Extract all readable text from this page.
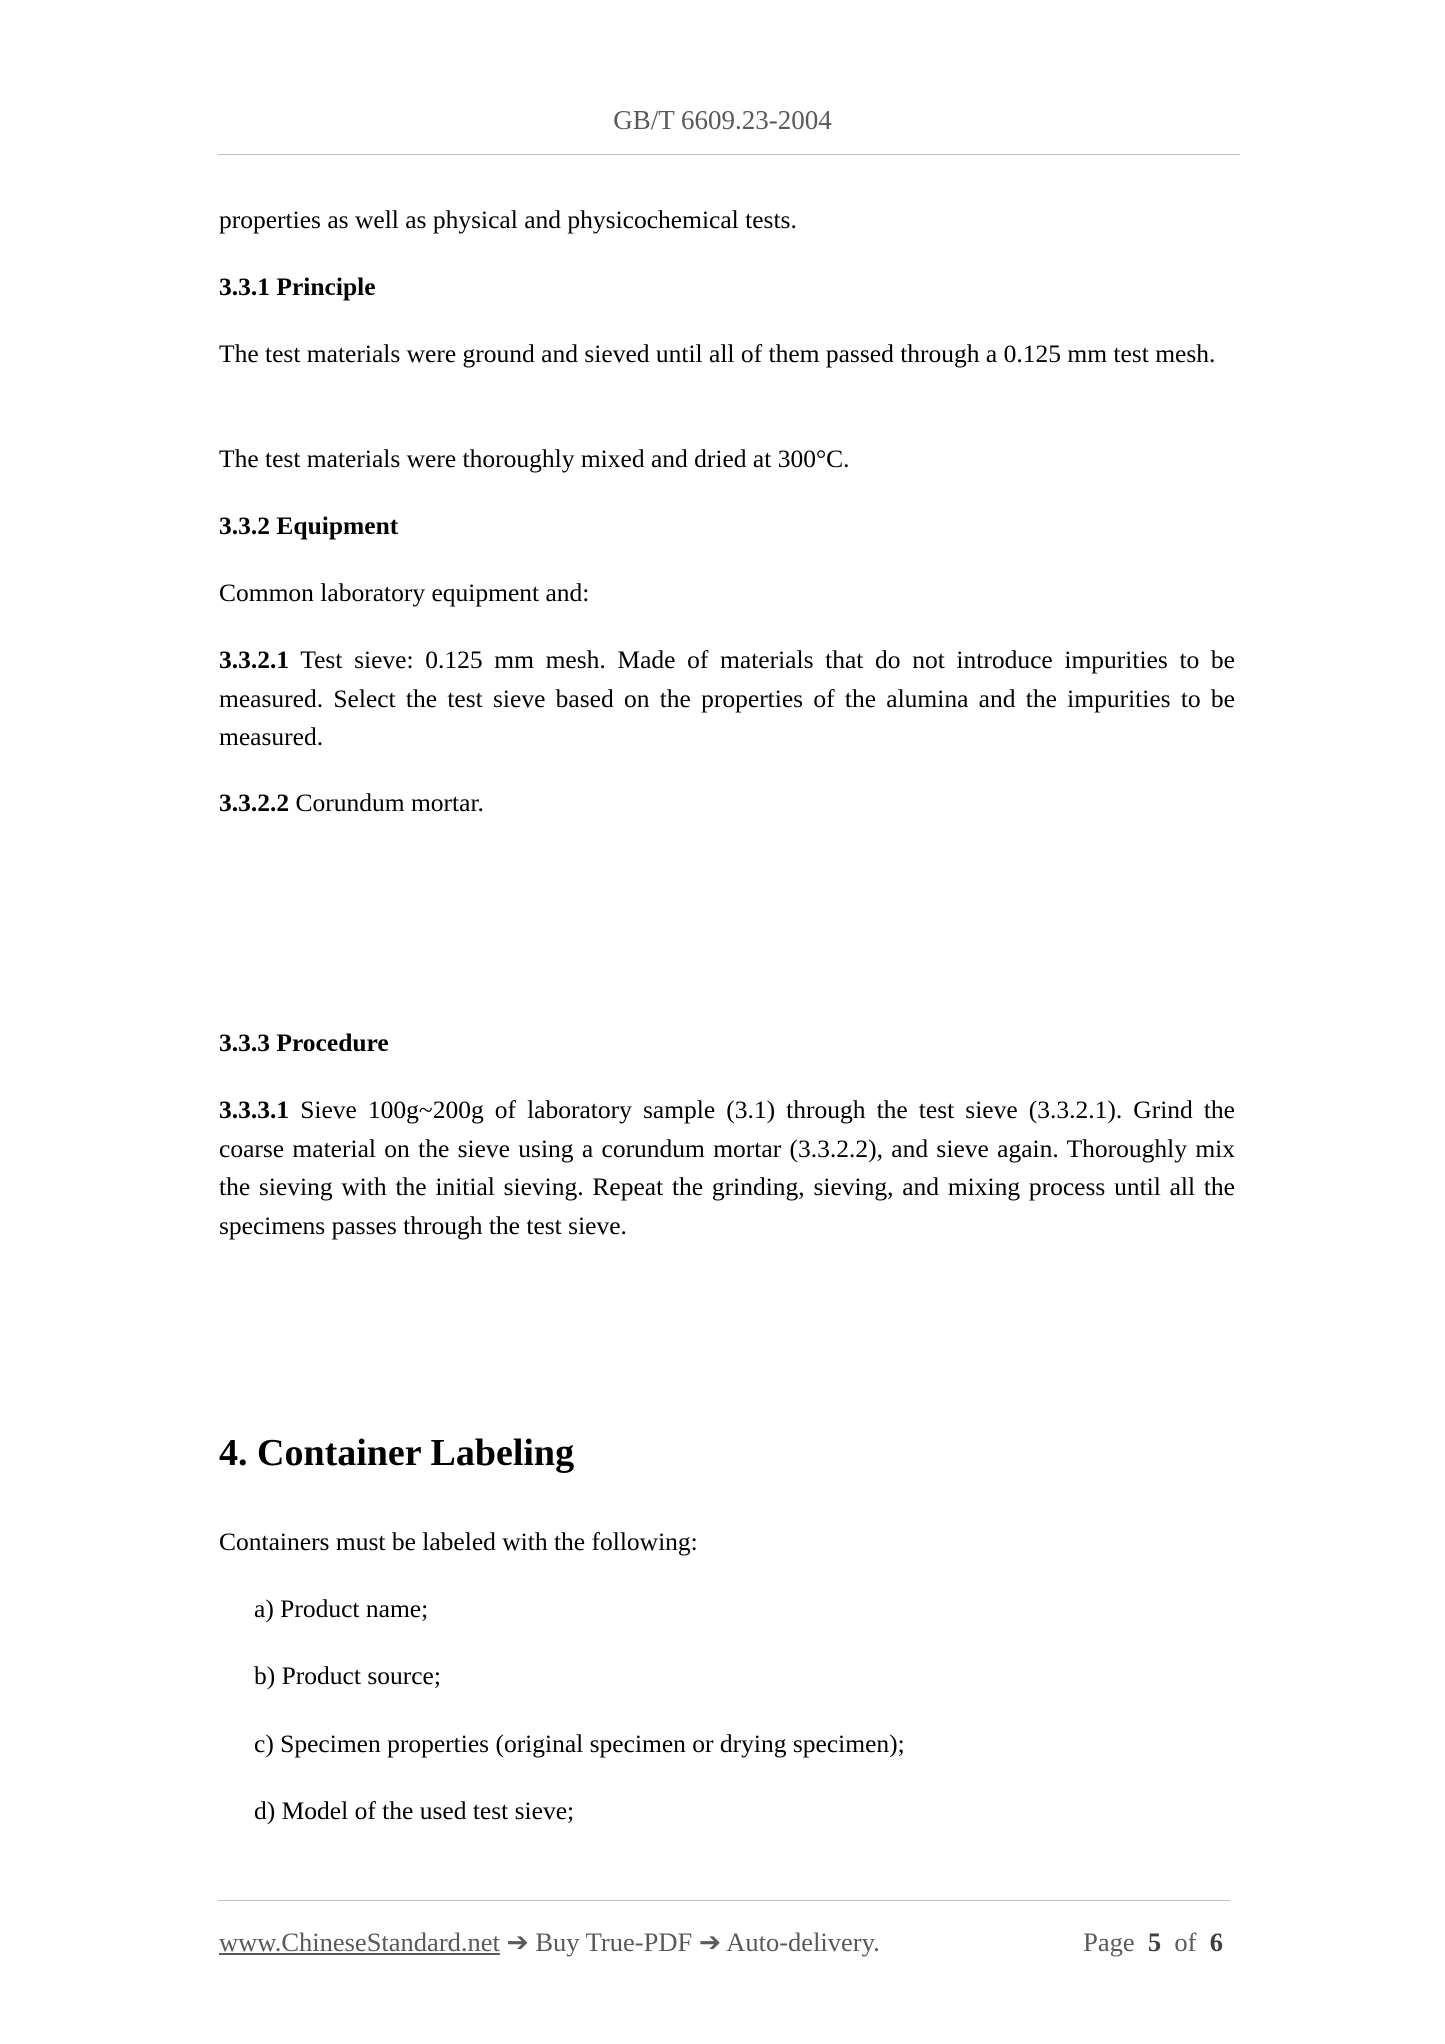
GB/T 6609.23-2004
properties as well as physical and physicochemical tests.
3.3.1 Principle
The test materials were ground and sieved until all of them passed through a 0.125 mm test mesh.
The test materials were thoroughly mixed and dried at 300°C.
3.3.2 Equipment
Common laboratory equipment and:
3.3.2.1 Test sieve: 0.125 mm mesh. Made of materials that do not introduce impurities to be measured. Select the test sieve based on the properties of the alumina and the impurities to be measured.
3.3.2.2 Corundum mortar.
3.3.3 Procedure
3.3.3.1 Sieve 100g~200g of laboratory sample (3.1) through the test sieve (3.3.2.1). Grind the coarse material on the sieve using a corundum mortar (3.3.2.2), and sieve again. Thoroughly mix the sieving with the initial sieving. Repeat the grinding, sieving, and mixing process until all the specimens passes through the test sieve.
4. Container Labeling
Containers must be labeled with the following:
a) Product name;
b) Product source;
c) Specimen properties (original specimen or drying specimen);
d) Model of the used test sieve;
www.ChineseStandard.net ➔ Buy True-PDF ➔ Auto-delivery.	Page 5 of 6
